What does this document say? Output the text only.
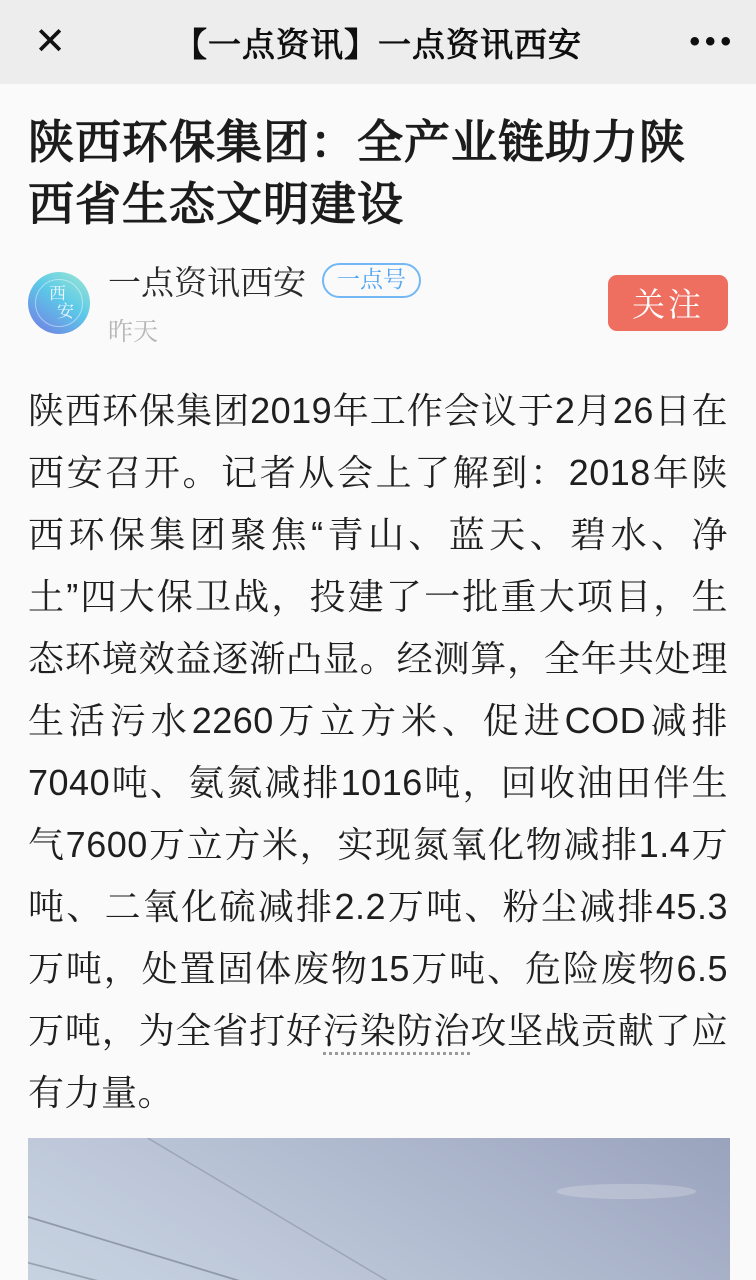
✕	【一点资讯】一点资讯西安	•••
陕西环保集团：全产业链助力陕西省生态文明建设
西
安
一点资讯西安	一点号
昨天
关注

陕西环保集团2019年工作会议于2月26日在西安召开。记者从会上了解到：2018年陕西环保集团聚焦“青山、蓝天、碧水、净土”四大保卫战，投建了一批重大项目，生态环境效益逐渐凸显。经测算，全年共处理生活污水2260万立方米、促进COD减排7040吨、氨氮减排1016吨，回收油田伴生气7600万立方米，实现氮氧化物减排1.4万吨、二氧化硫减排2.2万吨、粉尘减排45.3万吨，处置固体废物15万吨、危险废物6.5万吨，为全省打好污染防治攻坚战贡献了应有力量。
